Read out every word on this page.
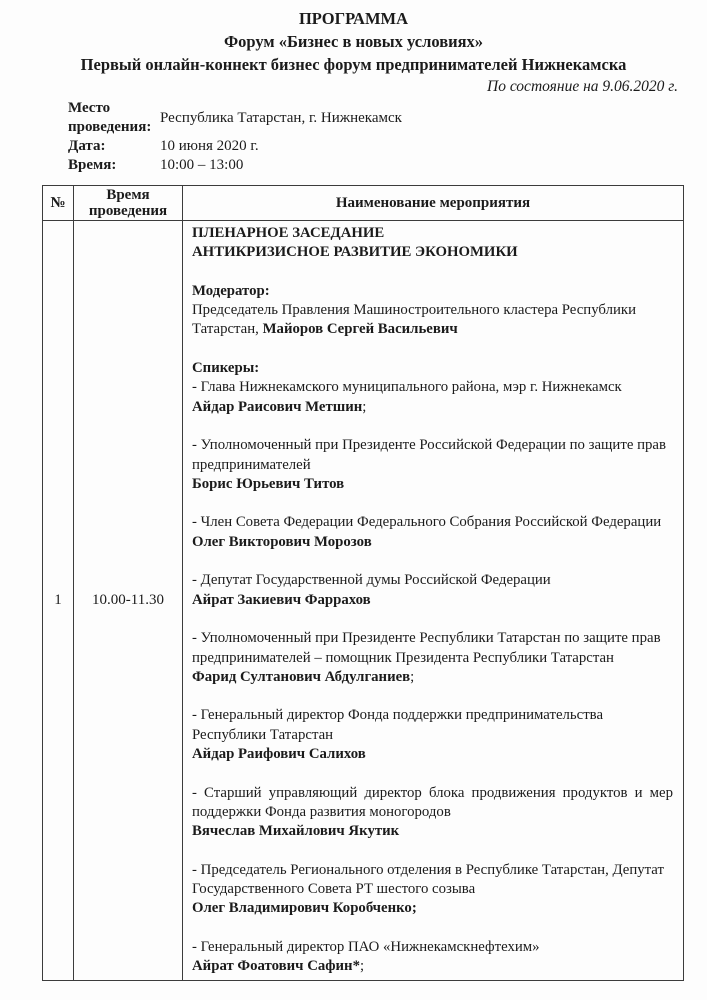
ПРОГРАММА
Форум «Бизнес в новых условиях»
Первый онлайн-коннект бизнес форум предпринимателей Нижнекамска
По состояние на 9.06.2020 г.
Место проведения:
Республика Татарстан, г. Нижнекамск
Дата:	10 июня 2020 г.
Время:	10:00 – 13:00
№	Время проведения	Наименование мероприятия
1	10.00-11.30	

ПЛЕНАРНОЕ ЗАСЕДАНИЕ

АНТИКРИЗИСНОЕ РАЗВИТИЕ ЭКОНОМИКИ

Модератор:

Председатель Правления Машиностроительного кластера Республики Татарстан, Майоров Сергей Васильевич

Спикеры:

- Глава Нижнекамского муниципального района, мэр г. Нижнекамск

Айдар Раисович Метшин;

- Уполномоченный при Президенте Российской Федерации по защите прав предпринимателей

Борис Юрьевич Титов

- Член Совета Федерации Федерального Собрания Российской Федерации

Олег Викторович Морозов

- Депутат Государственной думы Российской Федерации

Айрат Закиевич Фаррахов

- Уполномоченный при Президенте Республики Татарстан по защите прав предпринимателей – помощник Президента Республики Татарстан

Фарид Султанович Абдулганиев;

- Генеральный директор Фонда поддержки предпринимательства Республики Татарстан

Айдар Раифович Салихов

- Старший управляющий директор блока продвижения продуктов и мер поддержки Фонда развития моногородов

Вячеслав Михайлович Якутик

- Председатель Регионального отделения в Республике Татарстан, Депутат Государственного Совета РТ шестого созыва

Олег Владимирович Коробченко;

- Генеральный директор ПАО «Нижнекамскнефтехим»

Айрат Фоатович Сафин*;
